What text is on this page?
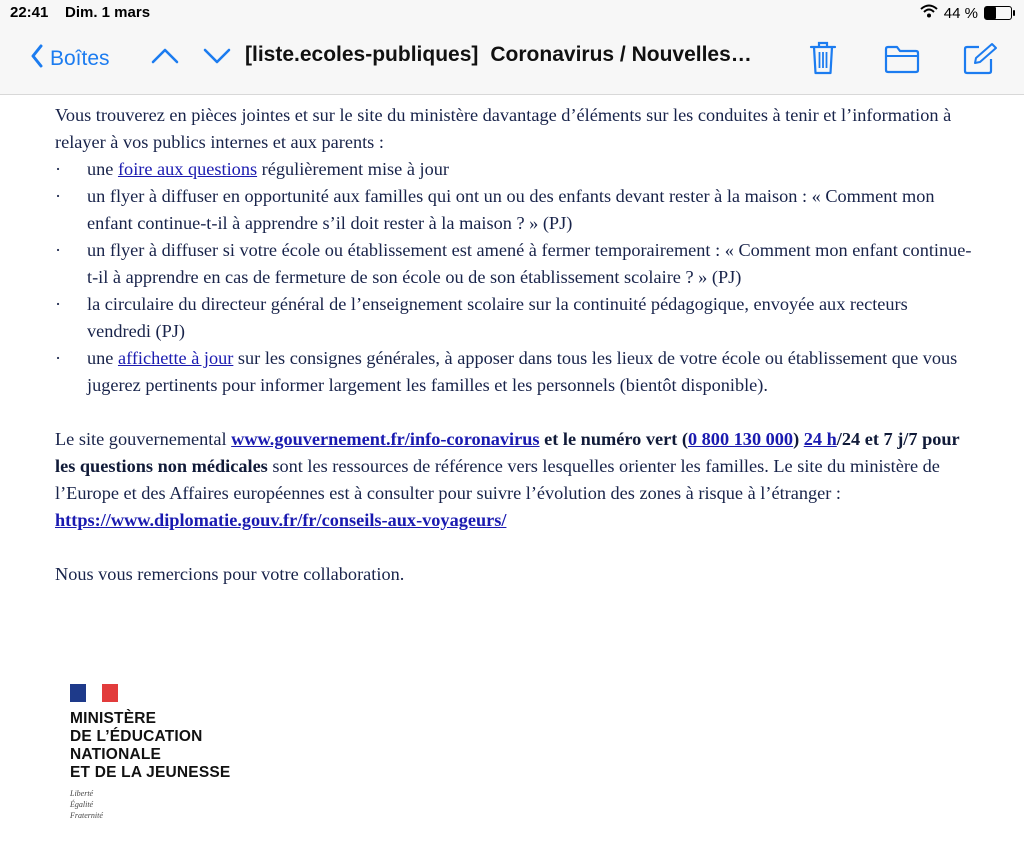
22:41 Dim. 1 mars	44 %
Boîtes	[liste.ecoles-publiques] Coronavirus / Nouvelles…

Vous trouverez en pièces jointes et sur le site du ministère davantage d’éléments sur les conduites à tenir et l’information à relayer à vos publics internes et aux parents :

· une foire aux questions régulièrement mise à jour
· un flyer à diffuser en opportunité aux familles qui ont un ou des enfants devant rester à la maison : « Comment mon enfant continue-t-il à apprendre s’il doit rester à la maison ? » (PJ)
· un flyer à diffuser si votre école ou établissement est amené à fermer temporairement : « Comment mon enfant continue-t-il à apprendre en cas de fermeture de son école ou de son établissement scolaire ? » (PJ)
· la circulaire du directeur général de l’enseignement scolaire sur la continuité pédagogique, envoyée aux recteurs vendredi (PJ)
· une affichette à jour sur les consignes générales, à apposer dans tous les lieux de votre école ou établissement que vous jugerez pertinents pour informer largement les familles et les personnels (bientôt disponible).

Le site gouvernemental www.gouvernement.fr/info-coronavirus et le numéro vert (0 800 130 000) 24 h/24 et 7 j/7 pour les questions non médicales sont les ressources de référence vers lesquelles orienter les familles. Le site du ministère de l’Europe et des Affaires européennes est à consulter pour suivre l’évolution des zones à risque à l’étranger : https://www.diplomatie.gouv.fr/fr/conseils-aux-voyageurs/

Nous vous remercions pour votre collaboration.

MINISTÈRE
DE L’ÉDUCATION
NATIONALE
ET DE LA JEUNESSE
Liberté
Égalité
Fraternité
